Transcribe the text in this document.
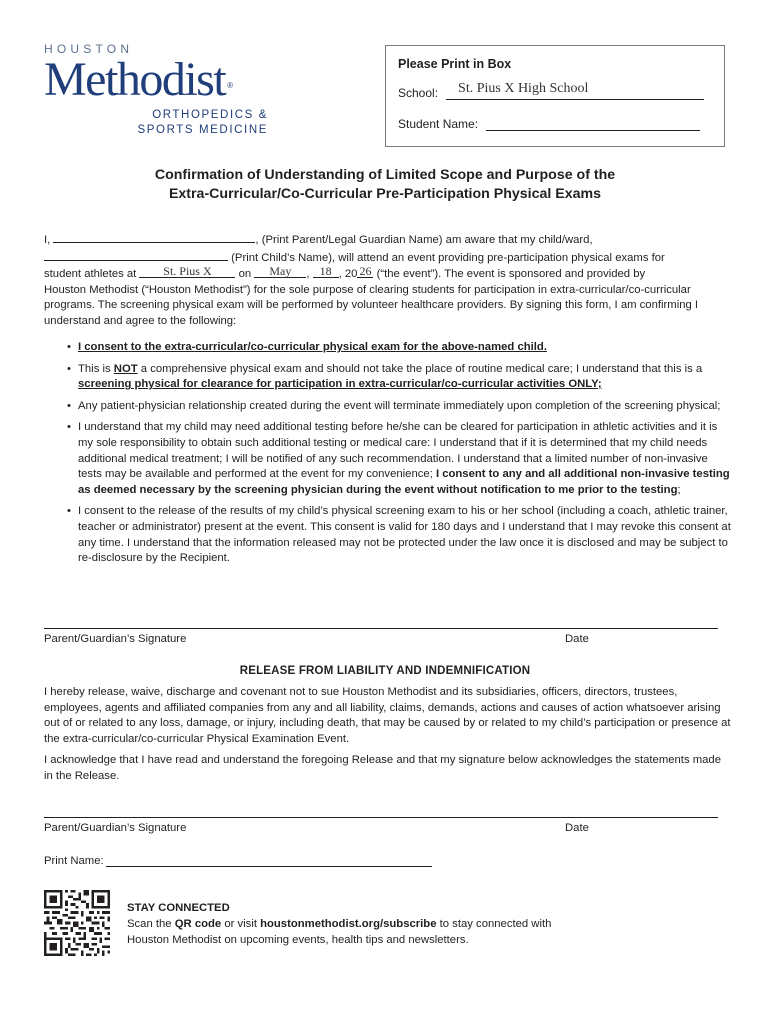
HOUSTON
Methodist ®
ORTHOPEDICS &
SPORTS MEDICINE
Please Print in Box
School: St. Pius X High School
Student Name:
Confirmation of Understanding of Limited Scope and Purpose of the
Extra-Curricular/Co-Curricular Pre-Participation Physical Exams
I,	, (Print Parent/Legal Guardian Name) am aware that my child/ward,
(Print Child’s Name), will attend an event providing pre-participation physical exams for
student athletes at St. Pius X on May , 18 , 20 26 (“the event”). The event is sponsored and provided by
Houston Methodist (“Houston Methodist”) for the sole purpose of clearing students for participation in extra-curricular/co-curricular programs. The screening physical exam will be performed by volunteer healthcare providers. By signing this form, I am confirming I understand and agree to the following:
• I consent to the extra-curricular/co-curricular physical exam for the above-named child.
• This is NOT a comprehensive physical exam and should not take the place of routine medical care; I understand that this is a screening physical for clearance for participation in extra-curricular/co-curricular activities ONLY;
• Any patient-physician relationship created during the event will terminate immediately upon completion of the screening physical;
• I understand that my child may need additional testing before he/she can be cleared for participation in athletic activities and it is my sole responsibility to obtain such additional testing or medical care: I understand that if it is determined that my child needs additional medical treatment; I will be notified of any such recommendation. I understand that a limited number of non-invasive tests may be available and performed at the event for my convenience; I consent to any and all additional non-invasive testing as deemed necessary by the screening physician during the event without notification to me prior to the testing;
• I consent to the release of the results of my child’s physical screening exam to his or her school (including a coach, athletic trainer, teacher or administrator) present at the event. This consent is valid for 180 days and I understand that I may revoke this consent at any time. I understand that the information released may not be protected under the law once it is disclosed and may be subject to re-disclosure by the Recipient.
Parent/Guardian’s Signature	Date
RELEASE FROM LIABILITY AND INDEMNIFICATION
I hereby release, waive, discharge and covenant not to sue Houston Methodist and its subsidiaries, officers, directors, trustees, employees, agents and affiliated companies from any and all liability, claims, demands, actions and causes of action whatsoever arising out of or related to any loss, damage, or injury, including death, that may be caused by or related to my child’s participation or presence at the extra-curricular/co-curricular Physical Examination Event.
I acknowledge that I have read and understand the foregoing Release and that my signature below acknowledges the statements made in the Release.
Parent/Guardian’s Signature	Date
Print Name:
STAY CONNECTED
Scan the QR code or visit houstonmethodist.org/subscribe to stay connected with
Houston Methodist on upcoming events, health tips and newsletters.
